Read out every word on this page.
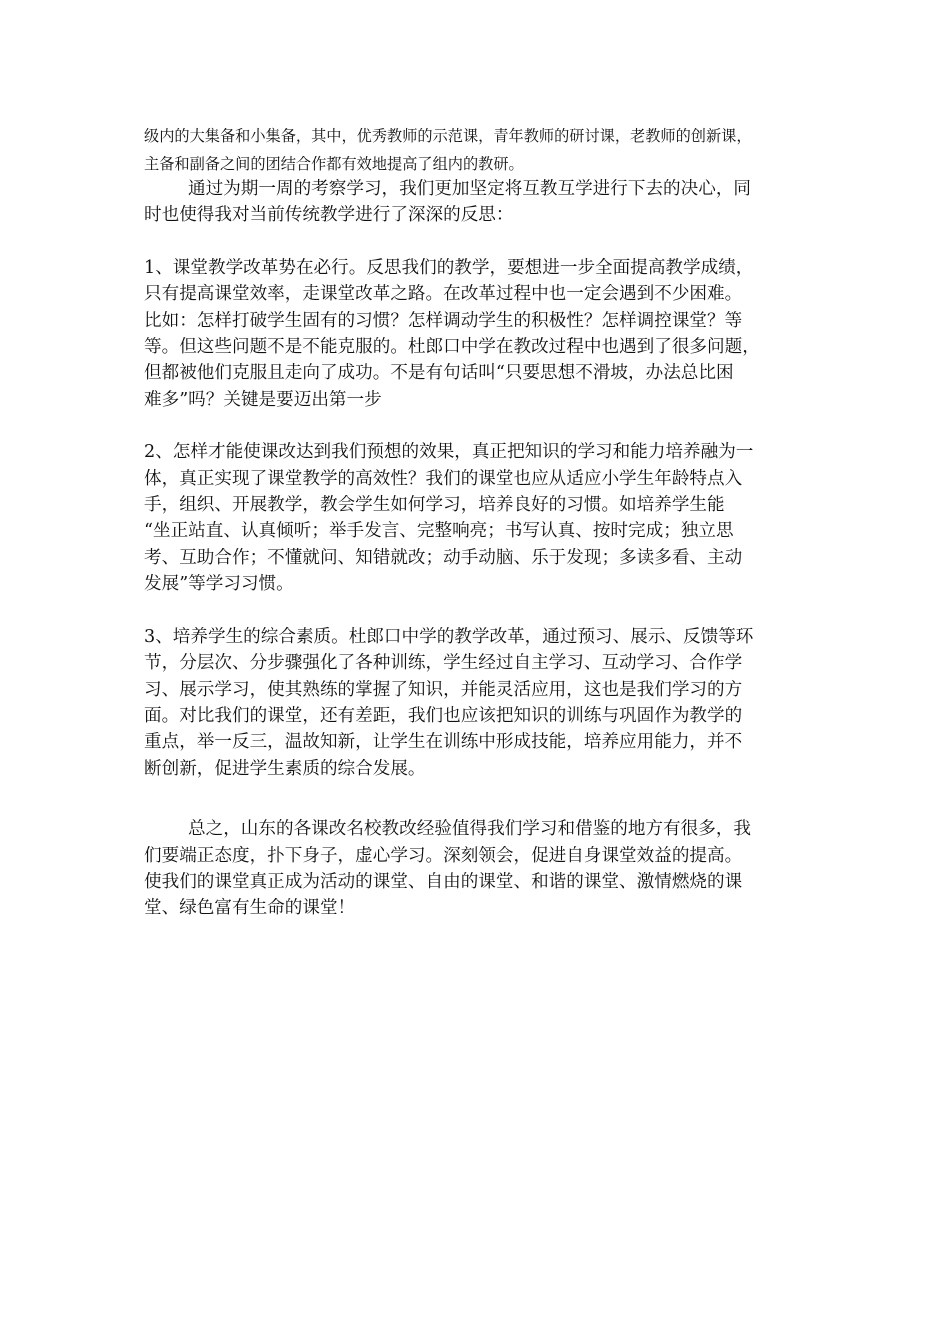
级内的大集备和小集备，其中，优秀教师的示范课，青年教师的研讨课，老教师的创新课，
主备和副备之间的团结合作都有效地提高了组内的教研。
通过为期一周的考察学习，我们更加坚定将互教互学进行下去的决心，同
时也使得我对当前传统教学进行了深深的反思：
1、课堂教学改革势在必行。反思我们的教学，要想进一步全面提高教学成绩，
只有提高课堂效率，走课堂改革之路。在改革过程中也一定会遇到不少困难。
比如：怎样打破学生固有的习惯？怎样调动学生的积极性？怎样调控课堂？等
等。但这些问题不是不能克服的。杜郎口中学在教改过程中也遇到了很多问题，
但都被他们克服且走向了成功。不是有句话叫“只要思想不滑坡，办法总比困
难多”吗？关键是要迈出第一步
2、怎样才能使课改达到我们预想的效果，真正把知识的学习和能力培养融为一
体，真正实现了课堂教学的高效性？我们的课堂也应从适应小学生年龄特点入
手，组织、开展教学，教会学生如何学习，培养良好的习惯。如培养学生能
“坐正站直、认真倾听；举手发言、完整响亮；书写认真、按时完成；独立思
考、互助合作；不懂就问、知错就改；动手动脑、乐于发现；多读多看、主动
发展”等学习习惯。
3、培养学生的综合素质。杜郎口中学的教学改革，通过预习、展示、反馈等环
节，分层次、分步骤强化了各种训练，学生经过自主学习、互动学习、合作学
习、展示学习，使其熟练的掌握了知识，并能灵活应用，这也是我们学习的方
面。对比我们的课堂，还有差距，我们也应该把知识的训练与巩固作为教学的
重点，举一反三，温故知新，让学生在训练中形成技能，培养应用能力，并不
断创新，促进学生素质的综合发展。
总之，山东的各课改名校教改经验值得我们学习和借鉴的地方有很多，我
们要端正态度，扑下身子，虚心学习。深刻领会，促进自身课堂效益的提高。
使我们的课堂真正成为活动的课堂、自由的课堂、和谐的课堂、激情燃烧的课
堂、绿色富有生命的课堂！
